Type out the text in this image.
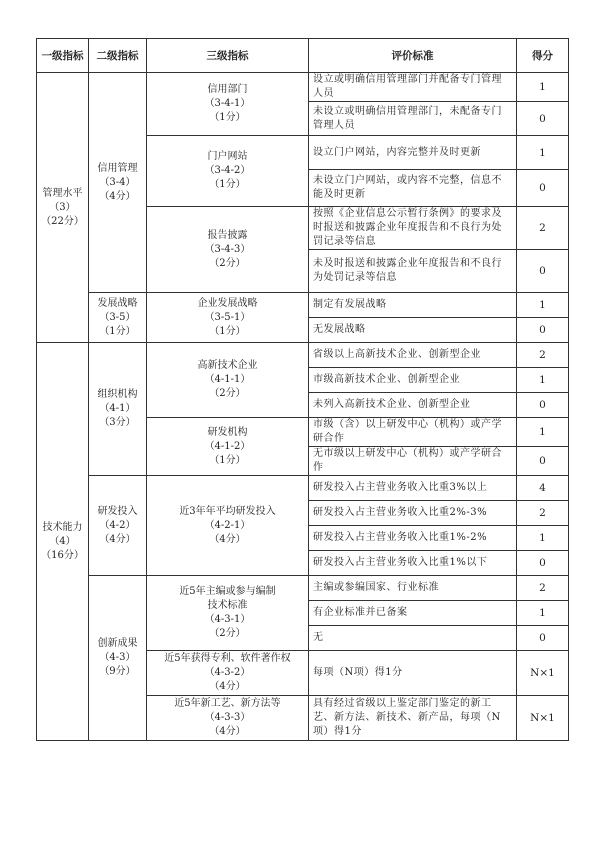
一级指标	二级指标	三级指标	评价标准	得分

管理水平
（3）
（22分）	信用管理
（3-4）
（4分）	信用部门
（3-4-1）
（1分）	设立或明确信用管理部门并配备专门管理人员	1
			未设立或明确信用管理部门，未配备专门管理人员	0

		门户网站
（3-4-2）
（1分）	设立门户网站，内容完整并及时更新	1
			未设立门户网站，或内容不完整，信息不能及时更新	0

		报告披露
（3-4-3）
（2分）	按照《企业信息公示暂行条例》的要求及时报送和披露企业年度报告和不良行为处罚记录等信息	2
			未及时报送和披露企业年度报告和不良行为处罚记录等信息	0

	发展战略
（3-5）
（1分）	企业发展战略
（3-5-1）
（1分）	制定有发展战略	1
			无发展战略	0

技术能力
（4）
（16分）	组织机构
（4-1）
（3分）	高新技术企业
（4-1-1）
（2分）	省级以上高新技术企业、创新型企业	2
			市级高新技术企业、创新型企业	1
			未列入高新技术企业、创新型企业	0

		研发机构
（4-1-2）
（1分）	市级（含）以上研发中心（机构）或产学研合作	1
			无市级以上研发中心（机构）或产学研合作	0

	研发投入
（4-2）
（4分）	近3年年平均研发投入
（4-2-1）
（4分）	研发投入占主营业务收入比重3%以上	4
			研发投入占主营业务收入比重2%-3%	2
			研发投入占主营业务收入比重1%-2%	1
			研发投入占主营业务收入比重1%以下	0

	创新成果
（4-3）
（9分）	近5年主编或参与编制
技术标准
（4-3-1）
（2分）	主编或参编国家、行业标准	2
			有企业标准并已备案	1
			无	0

		近5年获得专利、软件著作权
（4-3-2）
（4分）	每项（N项）得1分	N×1

		近5年新工艺、新方法等
（4-3-3）
（4分）	具有经过省级以上鉴定部门鉴定的新工艺、新方法、新技术、新产品，每项（N项）得1分	N×1
